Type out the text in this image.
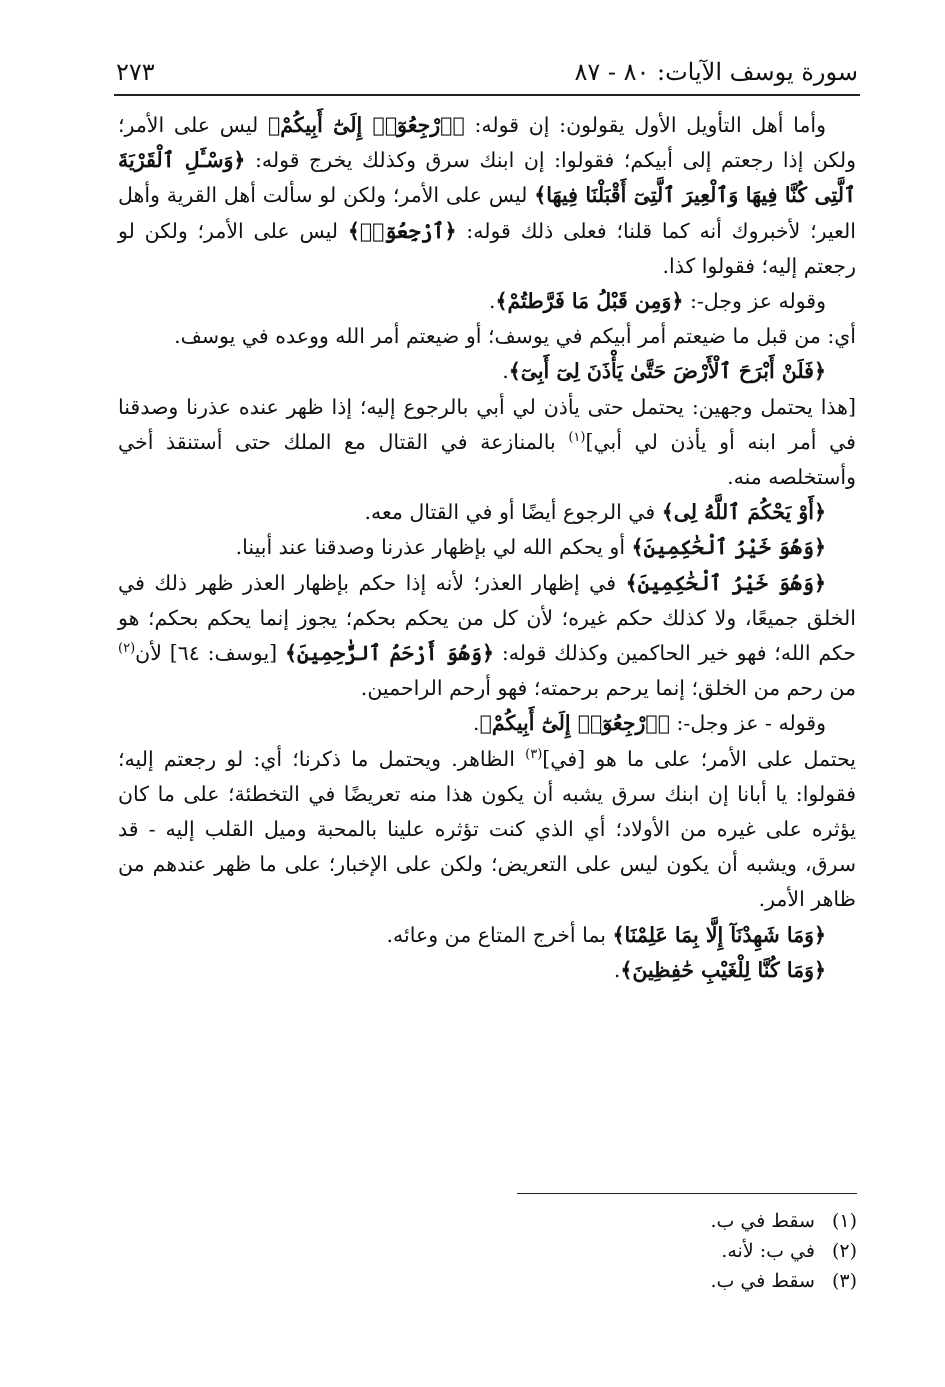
سورة يوسف الآيات: ٨٠ - ٨٧
٢٧٣

وأما أهل التأويل الأول يقولون: إن قوله: ﴿ٱرْجِعُوٓا۟ إِلَىٰٓ أَبِيكُمْ﴾ ليس على الأمر؛ ولكن إذا رجعتم إلى أبيكم؛ فقولوا: إن ابنك سرق وكذلك يخرج قوله: ﴿وَسْـَٔلِ ٱلْقَرْيَةَ ٱلَّتِى كُنَّا فِيهَا وَٱلْعِيرَ ٱلَّتِىٓ أَقْبَلْنَا فِيهَا﴾ ليس على الأمر؛ ولكن لو سألت أهل القرية وأهل العير؛ لأخبروك أنه كما قلنا؛ فعلى ذلك قوله: ﴿ٱرْجِعُوٓا۟﴾ ليس على الأمر؛ ولكن لو رجعتم إليه؛ فقولوا كذا.

وقوله عز وجل-: ﴿وَمِن قَبْلُ مَا فَرَّطتُمْ﴾.

أي: من قبل ما ضيعتم أمر أبيكم في يوسف؛ أو ضيعتم أمر الله ووعده في يوسف.

﴿فَلَنْ أَبْرَحَ ٱلْأَرْضَ حَتَّىٰ يَأْذَنَ لِىٓ أَبِىٓ﴾.

[هذا يحتمل وجهين: يحتمل حتى يأذن لي أبي بالرجوع إليه؛ إذا ظهر عنده عذرنا وصدقنا في أمر ابنه أو يأذن لي أبي]$^{(١)}$ بالمنازعة في القتال مع الملك حتى أستنقذ أخي وأستخلصه منه.

﴿أَوْ يَحْكُمَ ٱللَّهُ لِى﴾ في الرجوع أيضًا أو في القتال معه.

﴿وَهُوَ خَيْرُ ٱلْحَٰكِمِينَ﴾ أو يحكم الله لي بإظهار عذرنا وصدقنا عند أبينا.

﴿وَهُوَ خَيْرُ ٱلْحَٰكِمِينَ﴾ في إظهار العذر؛ لأنه إذا حكم بإظهار العذر ظهر ذلك في الخلق جميعًا، ولا كذلك حكم غيره؛ لأن كل من يحكم بحكم؛ يجوز إنما يحكم بحكم؛ هو حكم الله؛ فهو خير الحاكمين وكذلك قوله: ﴿وَهُوَ أَرْحَمُ ٱلرَّٰحِمِينَ﴾ [يوسف: ٦٤] لأن$^{(٢)}$ من رحم من الخلق؛ إنما يرحم برحمته؛ فهو أرحم الراحمين.

وقوله - عز وجل-: ﴿ٱرْجِعُوٓا۟ إِلَىٰٓ أَبِيكُمْ﴾.

يحتمل على الأمر؛ على ما هو [في]$^{(٣)}$ الظاهر. ويحتمل ما ذكرنا؛ أي: لو رجعتم إليه؛ فقولوا: يا أبانا إن ابنك سرق يشبه أن يكون هذا منه تعريضًا في التخطئة؛ على ما كان يؤثره على غيره من الأولاد؛ أي الذي كنت تؤثره علينا بالمحبة وميل القلب إليه - قد سرق، ويشبه أن يكون ليس على التعريض؛ ولكن على الإخبار؛ على ما ظهر عندهم من ظاهر الأمر.

﴿وَمَا شَهِدْنَآ إِلَّا بِمَا عَلِمْنَا﴾ بما أخرج المتاع من وعائه.

﴿وَمَا كُنَّا لِلْغَيْبِ حَٰفِظِينَ﴾.

(١) سقط في ب.
(٢) في ب: لأنه.
(٣) سقط في ب.
